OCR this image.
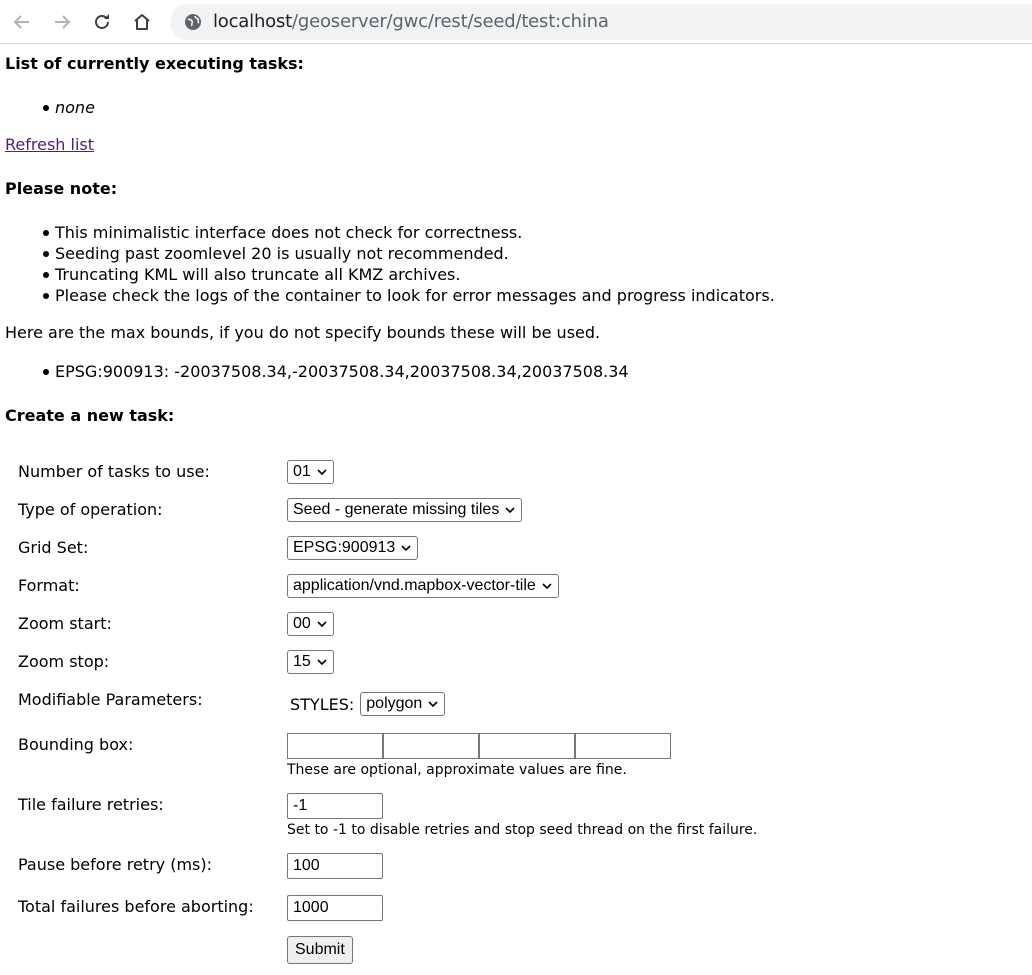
localhost/geoserver/gwc/rest/seed/test:china
List of currently executing tasks:
none
Refresh list
Please note:
This minimalistic interface does not check for correctness.
Seeding past zoomlevel 20 is usually not recommended.
Truncating KML will also truncate all KMZ archives.
Please check the logs of the container to look for error messages and progress indicators.
Here are the max bounds, if you do not specify bounds these will be used.
EPSG:900913: -20037508.34,-20037508.34,20037508.34,20037508.34
Create a new task:
Number of tasks to use:	01
Type of operation:	Seed - generate missing tiles
Grid Set:	EPSG:900913
Format:	application/vnd.mapbox-vector-tile
Zoom start:	00
Zoom stop:	15
Modifiable Parameters:	STYLES: polygon
Bounding box:
These are optional, approximate values are fine.
Tile failure retries:
-1
Set to -1 to disable retries and stop seed thread on the first failure.
Pause before retry (ms):
100
Total failures before aborting:
1000
Submit
